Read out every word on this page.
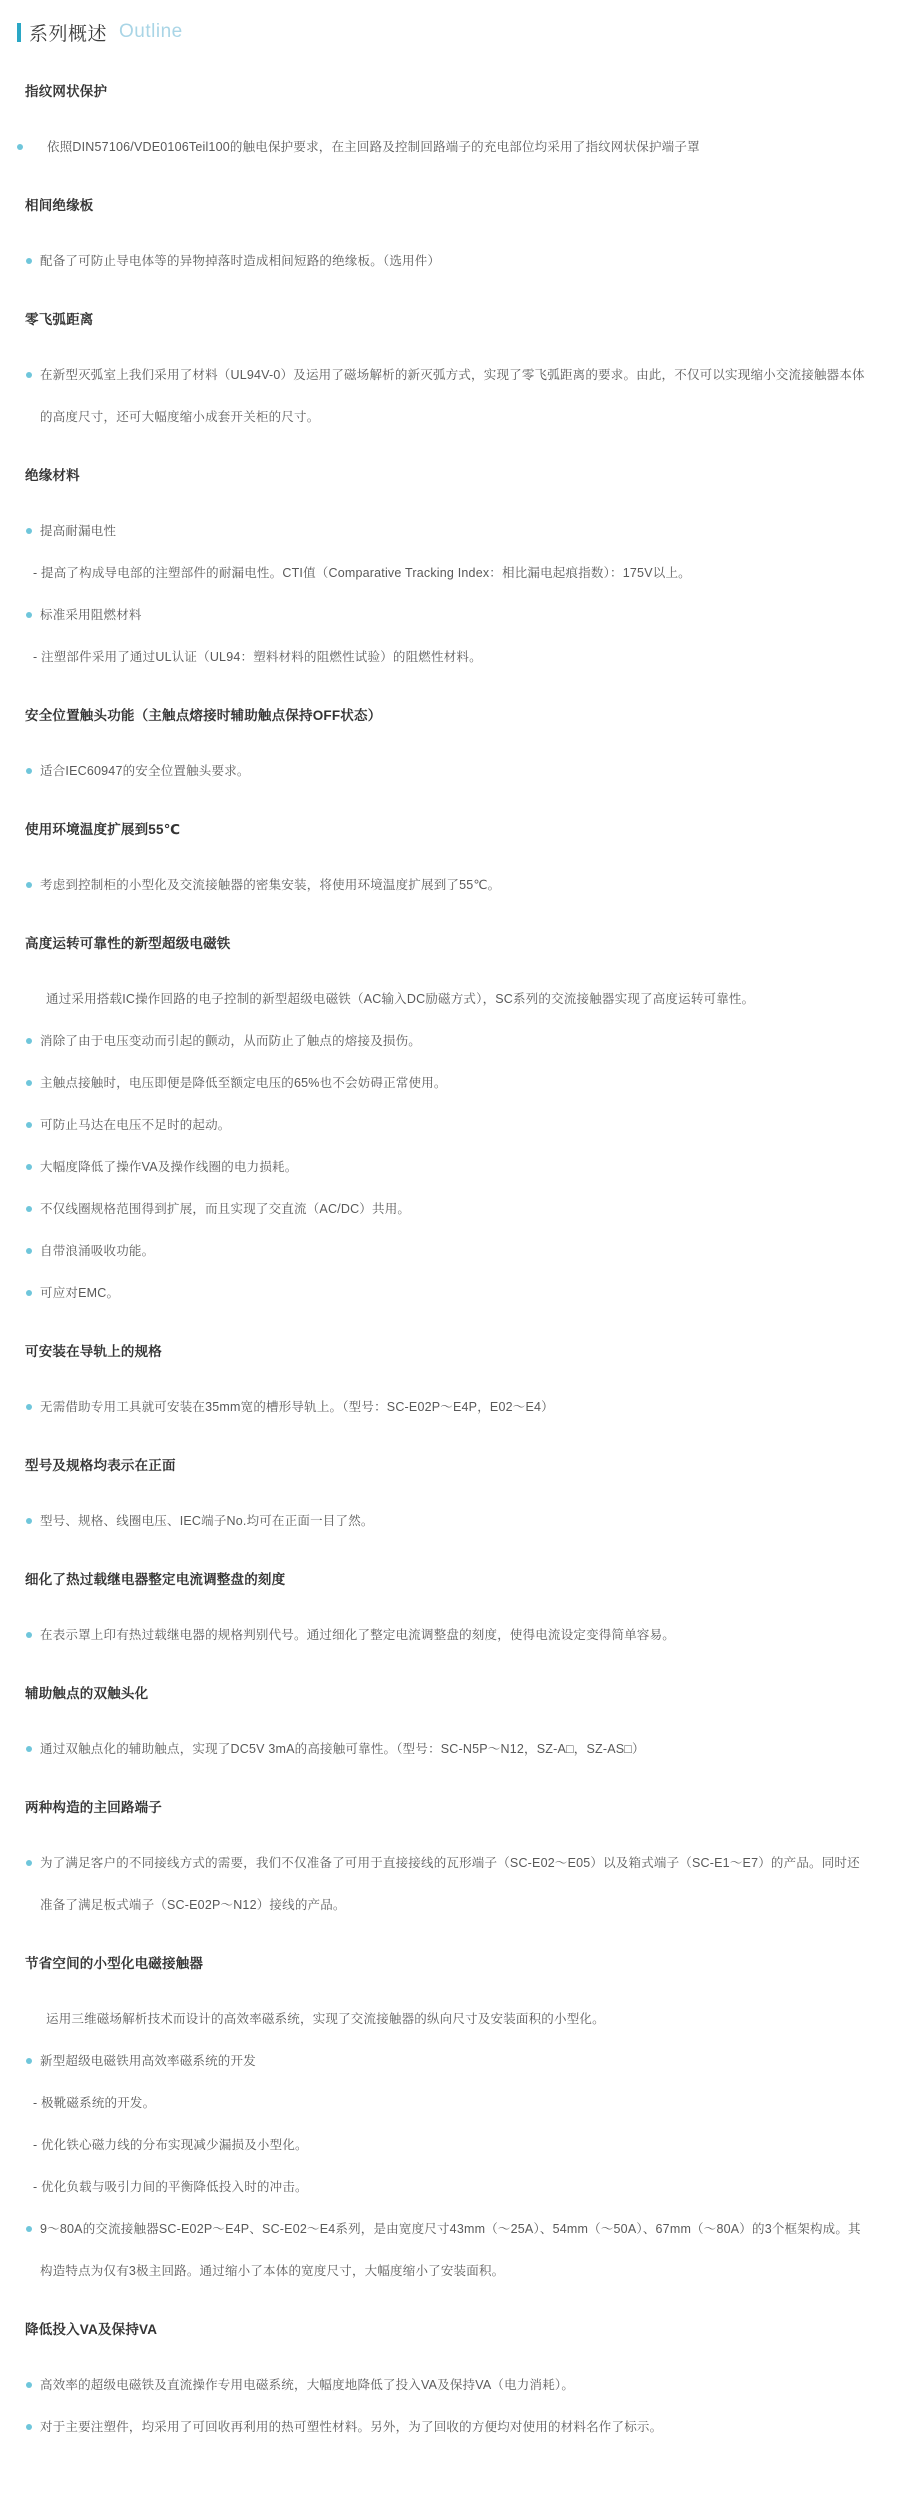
系列概述 Outline
指纹网状保护
依照DIN57106/VDE0106Teil100的触电保护要求，在主回路及控制回路端子的充电部位均采用了指纹网状保护端子罩
相间绝缘板
配备了可防止导电体等的异物掉落时造成相间短路的绝缘板。（选用件）
零飞弧距离
在新型灭弧室上我们采用了材料（UL94V-0）及运用了磁场解析的新灭弧方式，实现了零飞弧距离的要求。由此，不仅可以实现缩小交流接触器本体的高度尺寸，还可大幅度缩小成套开关柜的尺寸。
绝缘材料
提高耐漏电性
- 提高了构成导电部的注塑部件的耐漏电性。CTI值（Comparative Tracking Index：相比漏电起痕指数）：175V以上。
标准采用阻燃材料
- 注塑部件采用了通过UL认证（UL94：塑料材料的阻燃性试验）的阻燃性材料。
安全位置触头功能（主触点熔接时辅助触点保持OFF状态）
适合IEC60947的安全位置触头要求。
使用环境温度扩展到55℃
考虑到控制柜的小型化及交流接触器的密集安装，将使用环境温度扩展到了55℃。
高度运转可靠性的新型超级电磁铁
通过采用搭载IC操作回路的电子控制的新型超级电磁铁（AC输入DC励磁方式），SC系列的交流接触器实现了高度运转可靠性。
消除了由于电压变动而引起的颤动，从而防止了触点的熔接及损伤。
主触点接触时，电压即便是降低至额定电压的65%也不会妨碍正常使用。
可防止马达在电压不足时的起动。
大幅度降低了操作VA及操作线圈的电力损耗。
不仅线圈规格范围得到扩展，而且实现了交直流（AC/DC）共用。
自带浪涌吸收功能。
可应对EMC。
可安装在导轨上的规格
无需借助专用工具就可安装在35mm宽的槽形导轨上。（型号：SC-E02P～E4P，E02～E4）
型号及规格均表示在正面
型号、规格、线圈电压、IEC端子No.均可在正面一目了然。
细化了热过载继电器整定电流调整盘的刻度
在表示罩上印有热过载继电器的规格判别代号。通过细化了整定电流调整盘的刻度，使得电流设定变得简单容易。
辅助触点的双触头化
通过双触点化的辅助触点，实现了DC5V 3mA的高接触可靠性。（型号：SC-N5P～N12，SZ-A□，SZ-AS□）
两种构造的主回路端子
为了满足客户的不同接线方式的需要，我们不仅准备了可用于直接接线的瓦形端子（SC-E02～E05）以及箱式端子（SC-E1～E7）的产品。同时还准备了满足板式端子（SC-E02P～N12）接线的产品。
节省空间的小型化电磁接触器
运用三维磁场解析技术而设计的高效率磁系统，实现了交流接触器的纵向尺寸及安装面积的小型化。
新型超级电磁铁用高效率磁系统的开发
- 极靴磁系统的开发。
- 优化铁心磁力线的分布实现减少漏损及小型化。
- 优化负载与吸引力间的平衡降低投入时的冲击。
9～80A的交流接触器SC-E02P～E4P、SC-E02～E4系列，是由宽度尺寸43mm（～25A）、54mm（～50A）、67mm（～80A）的3个框架构成。其构造特点为仅有3极主回路。通过缩小了本体的宽度尺寸，大幅度缩小了安装面积。
降低投入VA及保持VA
高效率的超级电磁铁及直流操作专用电磁系统，大幅度地降低了投入VA及保持VA（电力消耗）。
对于主要注塑件，均采用了可回收再利用的热可塑性材料。另外，为了回收的方便均对使用的材料名作了标示。
